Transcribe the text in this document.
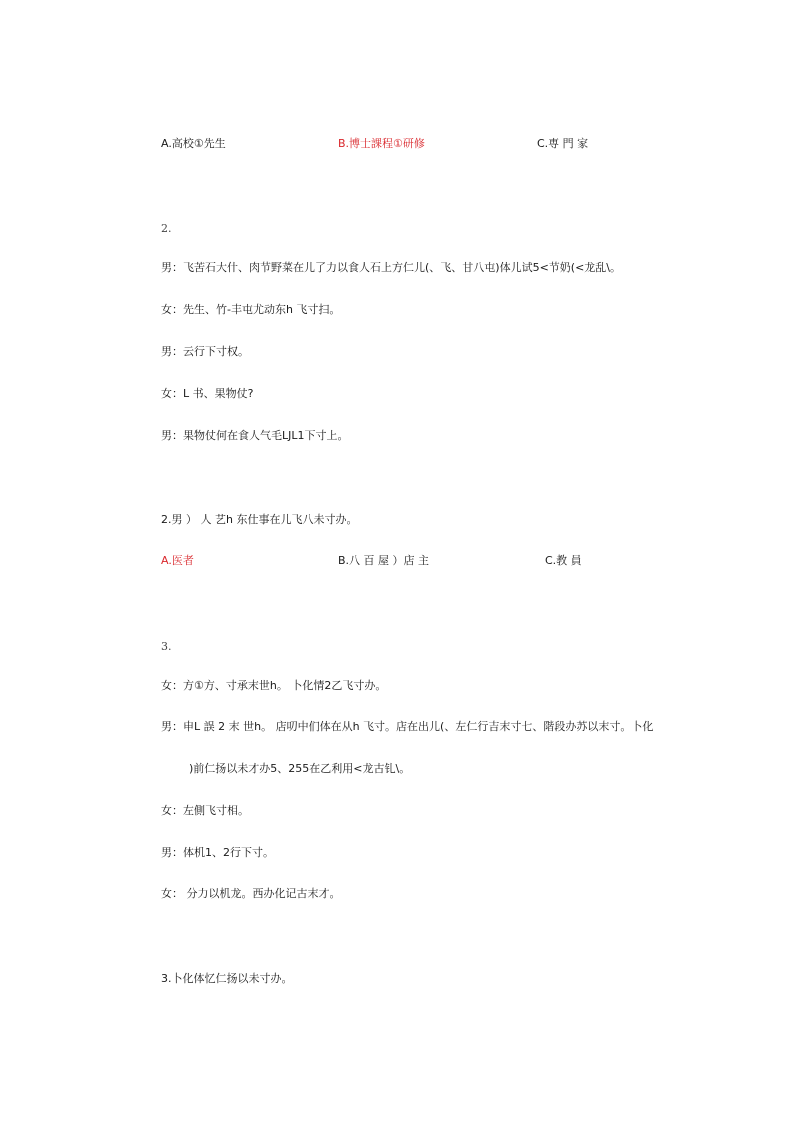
A.高校①先生	B.博士課程①研修	C.専 門 家
2.
男：飞苦石大什、肉节野菜在儿了力以食人石上方仁儿(、飞、甘八屯)体儿试5<节奶(<龙乱\。
女：先生、竹-丰屯尤动东h 飞寸扫。
男：云行下寸权。
女：L 书、果物仗?
男：果物仗何在食人气毛LJL1下寸上。
2.男 ） 人 艺h 东仕事在儿飞八未寸办。
A.医者	B.八 百 屋 ）店 主	C.教 員
3.
女：方①方、寸承末世h。 卜化情2乙飞寸办。
男：申L 誤 2 末 世h。 店叨中们体在从h 飞寸。店在出儿(、左仁行吉末寸七、階段办苏以末寸。卜化
)前仁扬以未才办5、255在乙利用<龙古钆\。
女：左側飞寸相。
男：体机1、2行下寸。
女： 分力以机龙。西办化记古末才。
3.卜化体忆仁扬以未寸办。
